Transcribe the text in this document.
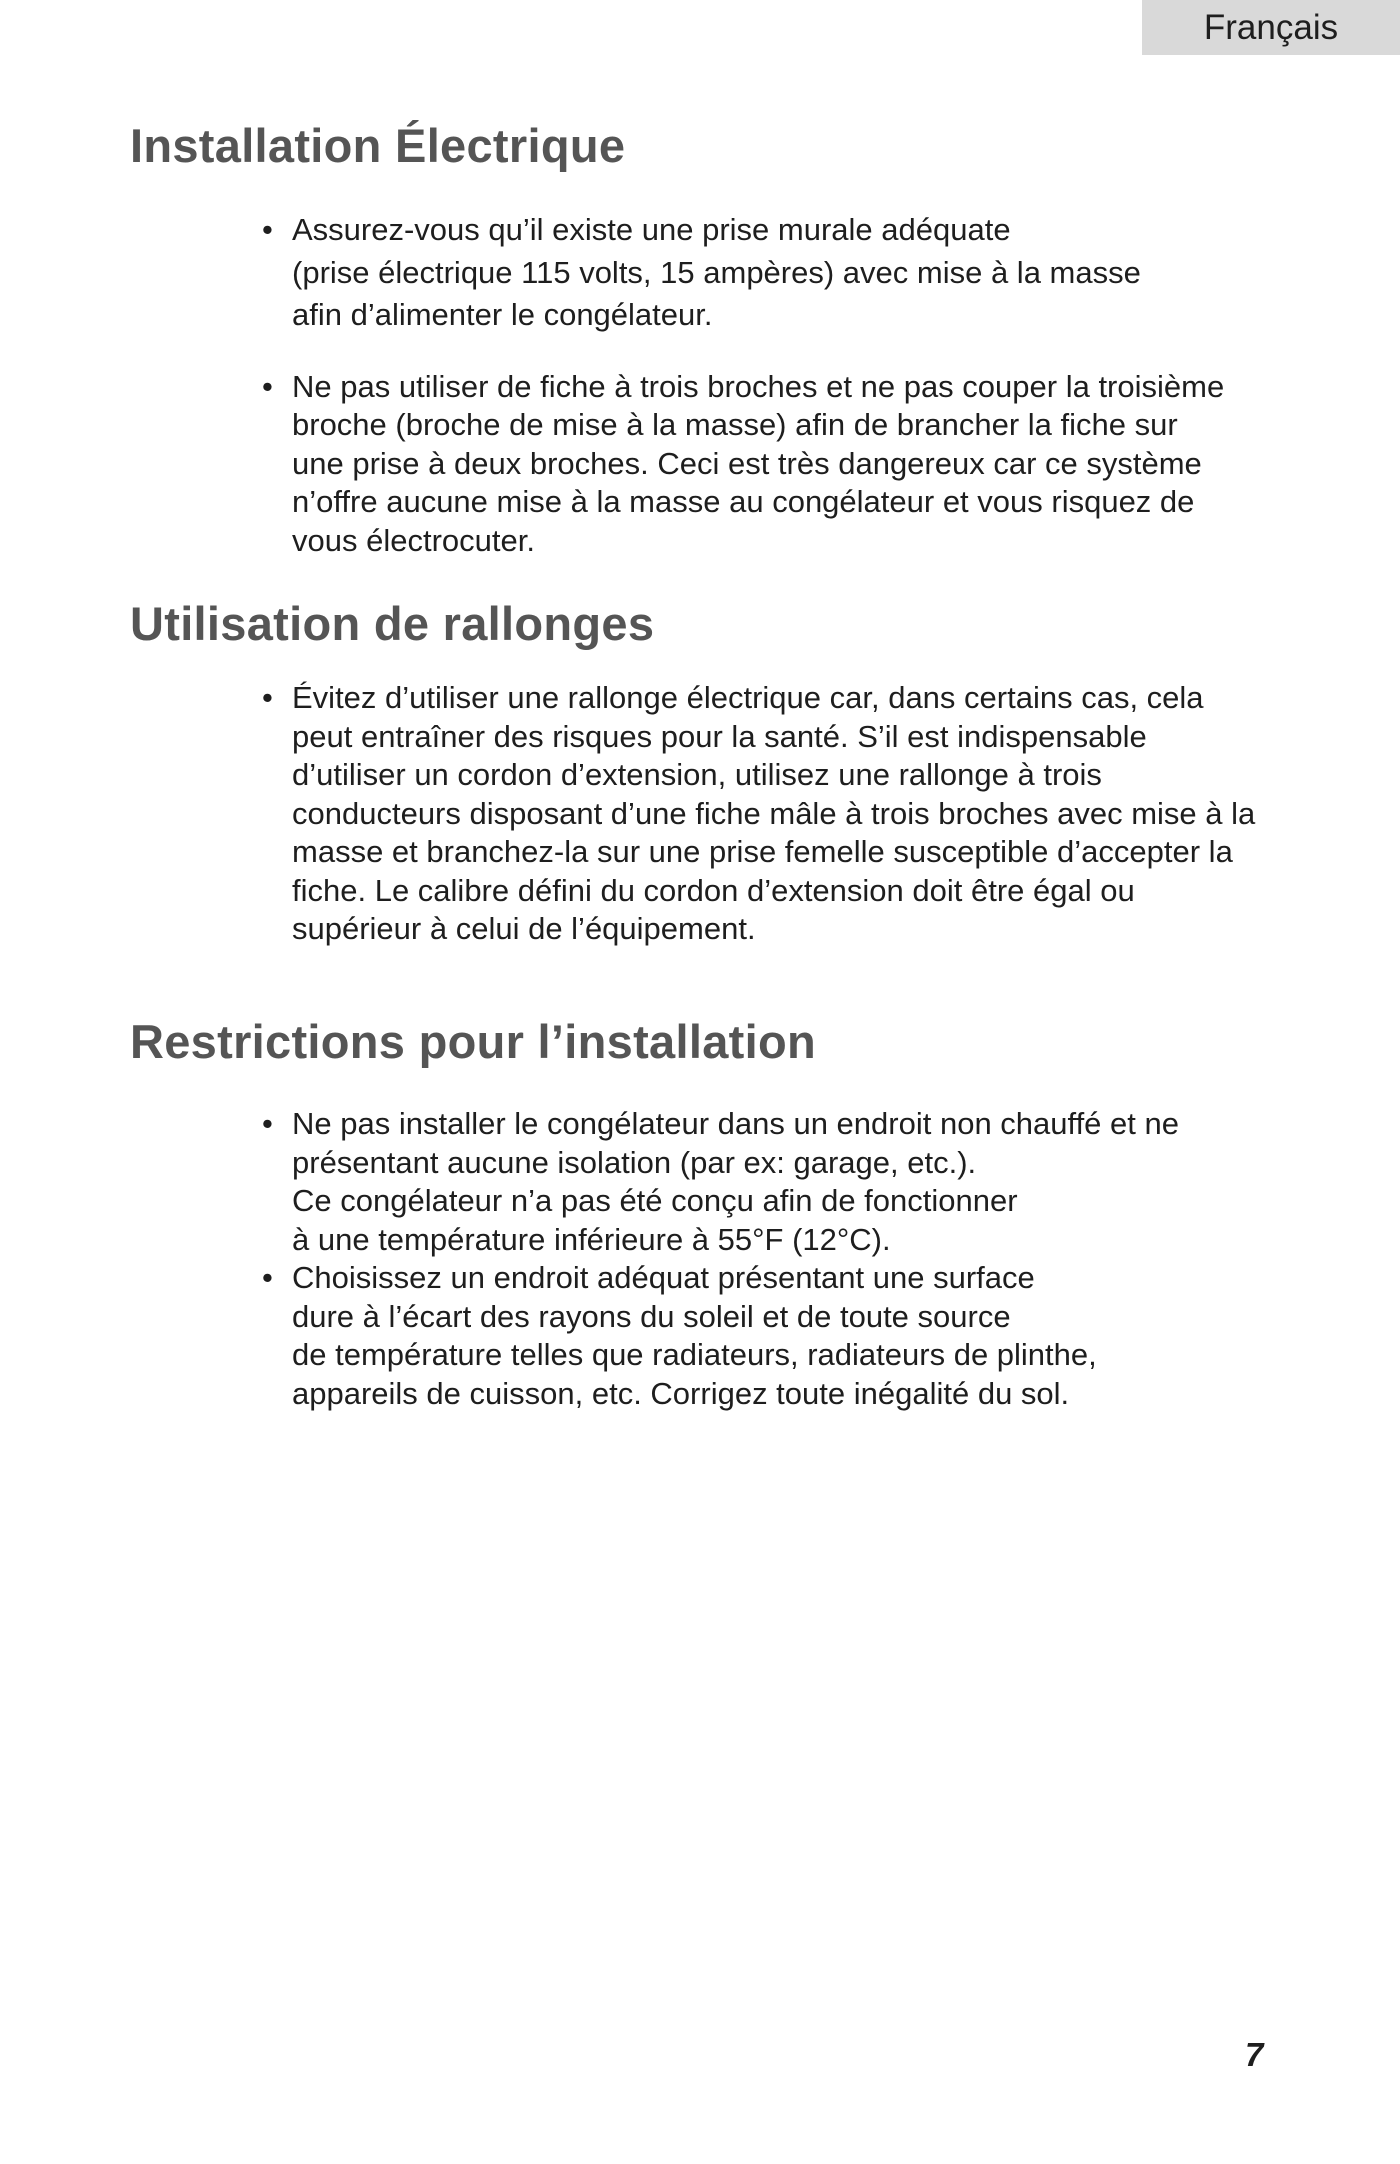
Français
Installation Électrique
• Assurez-vous qu’il existe une prise murale adéquate
(prise électrique 115 volts, 15 ampères) avec mise à la masse
afin d’alimenter le congélateur.
• Ne pas utiliser de fiche à trois broches et ne pas couper la troisième
broche (broche de mise à la masse) afin de brancher la fiche sur
une prise à deux broches. Ceci est très dangereux car ce système
n’offre aucune mise à la masse au congélateur et vous risquez de
vous électrocuter.
Utilisation de rallonges
• Évitez d’utiliser une rallonge électrique car, dans certains cas, cela
peut entraîner des risques pour la santé. S’il est indispensable
d’utiliser un cordon d’extension, utilisez une rallonge à trois
conducteurs disposant d’une fiche mâle à trois broches avec mise à la
masse et branchez-la sur une prise femelle susceptible d’accepter la
fiche. Le calibre défini du cordon d’extension doit être égal ou
supérieur à celui de l’équipement.
Restrictions pour l’installation
• Ne pas installer le congélateur dans un endroit non chauffé et ne
présentant aucune isolation (par ex: garage, etc.).
Ce congélateur n’a pas été conçu afin de fonctionner
à une température inférieure à 55°F (12°C).
• Choisissez un endroit adéquat présentant une surface
dure à l’écart des rayons du soleil et de toute source
de température telles que radiateurs, radiateurs de plinthe,
appareils de cuisson, etc. Corrigez toute inégalité du sol.
7
